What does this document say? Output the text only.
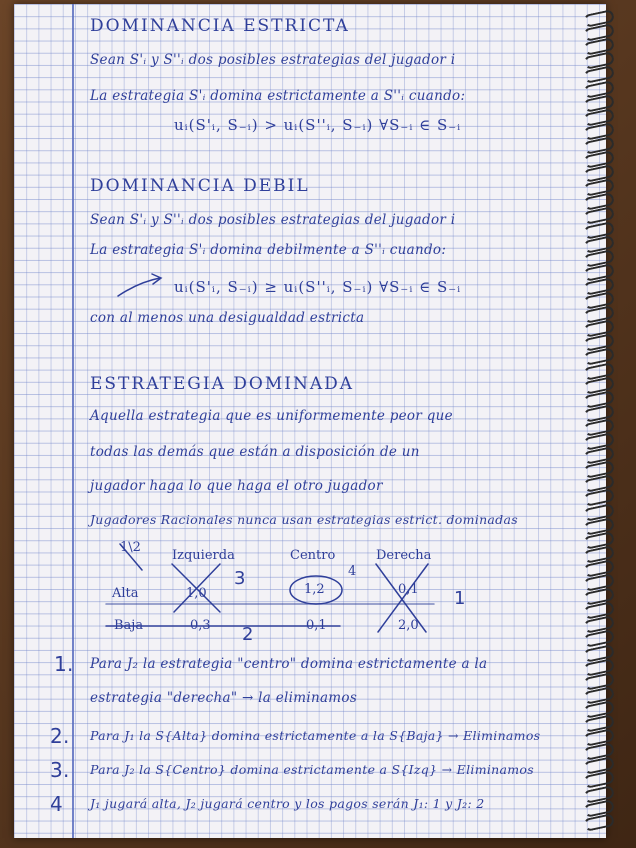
DOMINANCIA ESTRICTA
Sean S'ᵢ y S''ᵢ dos posibles estrategias del jugador i
La estrategia S'ᵢ domina estrictamente a S''ᵢ cuando:
uᵢ(S'ᵢ, S₋ᵢ) > uᵢ(S''ᵢ, S₋ᵢ) ∀S₋ᵢ ∈ S₋ᵢ
DOMINANCIA DEBIL
Sean S'ᵢ y S''ᵢ dos posibles estrategias del jugador i
La estrategia S'ᵢ domina debilmente a S''ᵢ cuando:
uᵢ(S'ᵢ, S₋ᵢ) ≥ uᵢ(S''ᵢ, S₋ᵢ) ∀S₋ᵢ ∈ S₋ᵢ
con al menos una desigualdad estricta
ESTRATEGIA DOMINADA
Aquella estrategia que es uniformemente peor que
todas las demás que están a disposición de un
jugador haga lo que haga el otro jugador
Jugadores Racionales nunca usan estrategias estrict. dominadas
1\2
Izquierda	Centro	Derecha
Alta	1,0	1,2	0,1
Baja	0,3	0,1	2,0
3	4
1
2
1. Para J₂ la estrategia "centro" domina estrictamente a la
estrategia "derecha" → la eliminamos
2. Para J₁ la S{Alta} domina estrictamente a la S{Baja} → Eliminamos
3. Para J₂ la S{Centro} domina estrictamente a S{Izq} → Eliminamos
4 J₁ jugará alta, J₂ jugará centro y los pagos serán J₁: 1 y J₂: 2
